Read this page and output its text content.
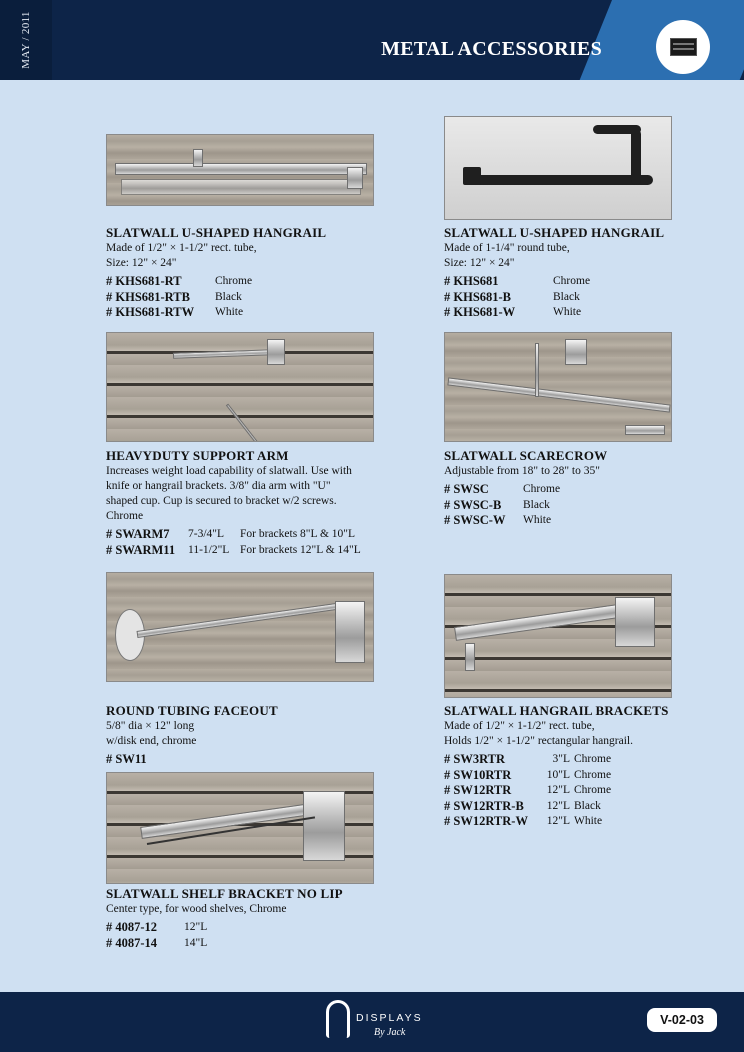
MAY / 2011	METAL ACCESSORIES
SLATWALL U-SHAPED HANGRAIL
Made of 1/2" × 1-1/2" rect. tube,
Size: 12" × 24"
# KHS681-RT	Chrome
# KHS681-RTB	Black
# KHS681-RTW	White
SLATWALL U-SHAPED HANGRAIL
Made of 1-1/4" round tube,
Size: 12" × 24"
# KHS681	Chrome
# KHS681-B	Black
# KHS681-W	White
HEAVYDUTY SUPPORT ARM
Increases weight load capability of slatwall. Use with
knife or hangrail brackets. 3/8" dia arm with "U"
shaped cup. Cup is secured to bracket w/2 screws.
Chrome
# SWARM7	7-3/4"L	For brackets 8"L & 10"L
# SWARM11	11-1/2"L For brackets 12"L & 14"L
SLATWALL SCARECROW
Adjustable from 18" to 28" to 35"
# SWSC	Chrome
# SWSC-B	Black
# SWSC-W	White
ROUND TUBING FACEOUT
5/8" dia × 12" long
w/disk end, chrome
# SW11
SLATWALL HANGRAIL BRACKETS
Made of 1/2" × 1-1/2" rect. tube,
Holds 1/2" × 1-1/2" rectangular hangrail.
# SW3RTR	3"L Chrome
# SW10RTR	10"L Chrome
# SW12RTR	12"L Chrome
# SW12RTR-B	12"L Black
# SW12RTR-W	12"L White
SLATWALL SHELF BRACKET NO LIP
Center type, for wood shelves, Chrome
# 4087-12	12"L
# 4087-14	14"L
DISPLAYS
By Jack
V-02-03
